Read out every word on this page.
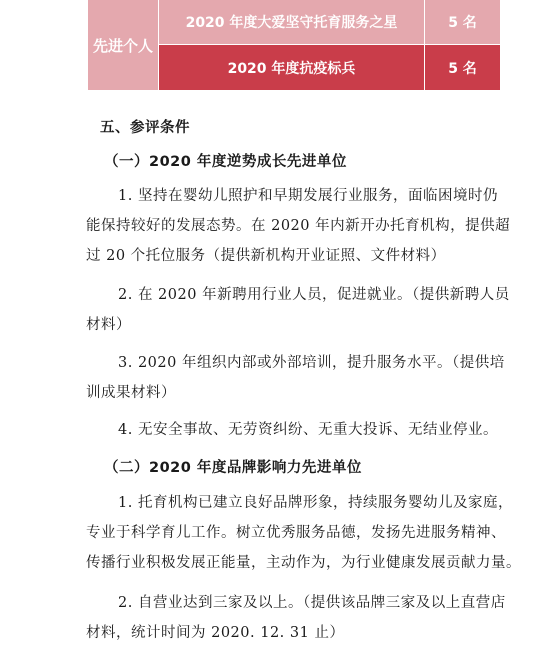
先进个人
2020 年度大爱坚守托育服务之星	5 名
2020 年度抗疫标兵	5 名
五、参评条件
（一）2020 年度逆势成长先进单位
1. 坚持在婴幼儿照护和早期发展行业服务，面临困境时仍
能保持较好的发展态势。在 2020 年内新开办托育机构，提供超
过 20 个托位服务（提供新机构开业证照、文件材料）
2. 在 2020 年新聘用行业人员，促进就业。（提供新聘人员
材料）
3. 2020 年组织内部或外部培训，提升服务水平。（提供培
训成果材料）
4. 无安全事故、无劳资纠纷、无重大投诉、无结业停业。
（二）2020 年度品牌影响力先进单位
1. 托育机构已建立良好品牌形象，持续服务婴幼儿及家庭，
专业于科学育儿工作。树立优秀服务品德，发扬先进服务精神、
传播行业积极发展正能量，主动作为，为行业健康发展贡献力量。
2. 自营业达到三家及以上。（提供该品牌三家及以上直营店
材料，统计时间为 2020. 12. 31 止）
